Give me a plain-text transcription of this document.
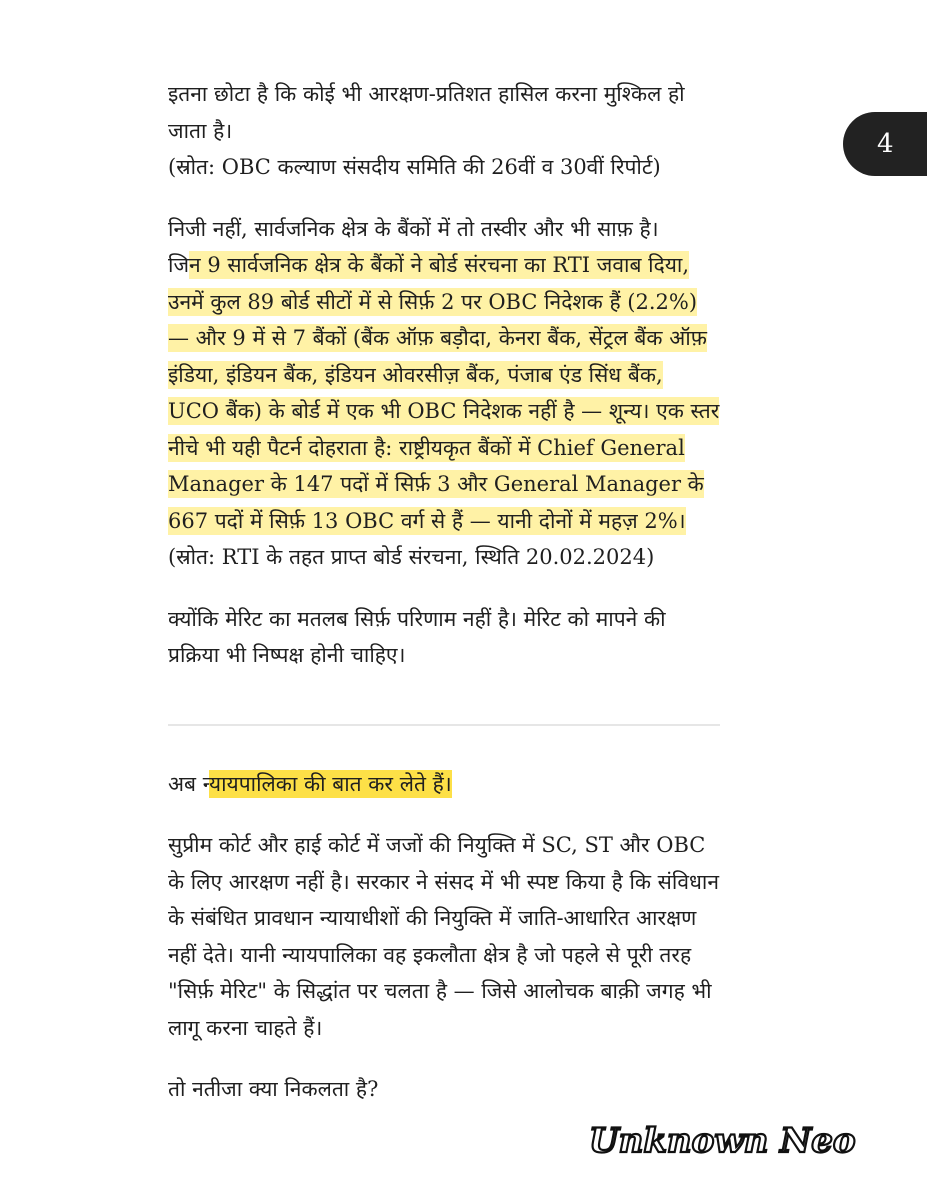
4

इतना छोटा है कि कोई भी आरक्षण-प्रतिशत हासिल करना मुश्किल हो जाता है।
(स्रोत: OBC कल्याण संसदीय समिति की 26वीं व 30वीं रिपोर्ट)

निजी नहीं, सार्वजनिक क्षेत्र के बैंकों में तो तस्वीर और भी साफ़ है।
जिन 9 सार्वजनिक क्षेत्र के बैंकों ने बोर्ड संरचना का RTI जवाब दिया, उनमें कुल 89 बोर्ड सीटों में से सिर्फ़ 2 पर OBC निदेशक हैं (2.2%) — और 9 में से 7 बैंकों (बैंक ऑफ़ बड़ौदा, केनरा बैंक, सेंट्रल बैंक ऑफ़ इंडिया, इंडियन बैंक, इंडियन ओवरसीज़ बैंक, पंजाब एंड सिंध बैंक, UCO बैंक) के बोर्ड में एक भी OBC निदेशक नहीं है — शून्य। एक स्तर नीचे भी यही पैटर्न दोहराता है: राष्ट्रीयकृत बैंकों में Chief General Manager के 147 पदों में सिर्फ़ 3 और General Manager के 667 पदों में सिर्फ़ 13 OBC वर्ग से हैं — यानी दोनों में महज़ 2%।
(स्रोत: RTI के तहत प्राप्त बोर्ड संरचना, स्थिति 20.02.2024)

क्योंकि मेरिट का मतलब सिर्फ़ परिणाम नहीं है। मेरिट को मापने की प्रक्रिया भी निष्पक्ष होनी चाहिए।

अब न्यायपालिका की बात कर लेते हैं।

सुप्रीम कोर्ट और हाई कोर्ट में जजों की नियुक्ति में SC, ST और OBC के लिए आरक्षण नहीं है। सरकार ने संसद में भी स्पष्ट किया है कि संविधान के संबंधित प्रावधान न्यायाधीशों की नियुक्ति में जाति-आधारित आरक्षण नहीं देते। यानी न्यायपालिका वह इकलौता क्षेत्र है जो पहले से पूरी तरह "सिर्फ़ मेरिट" के सिद्धांत पर चलता है — जिसे आलोचक बाक़ी जगह भी लागू करना चाहते हैं।

तो नतीजा क्या निकलता है?

Unknown Neo
